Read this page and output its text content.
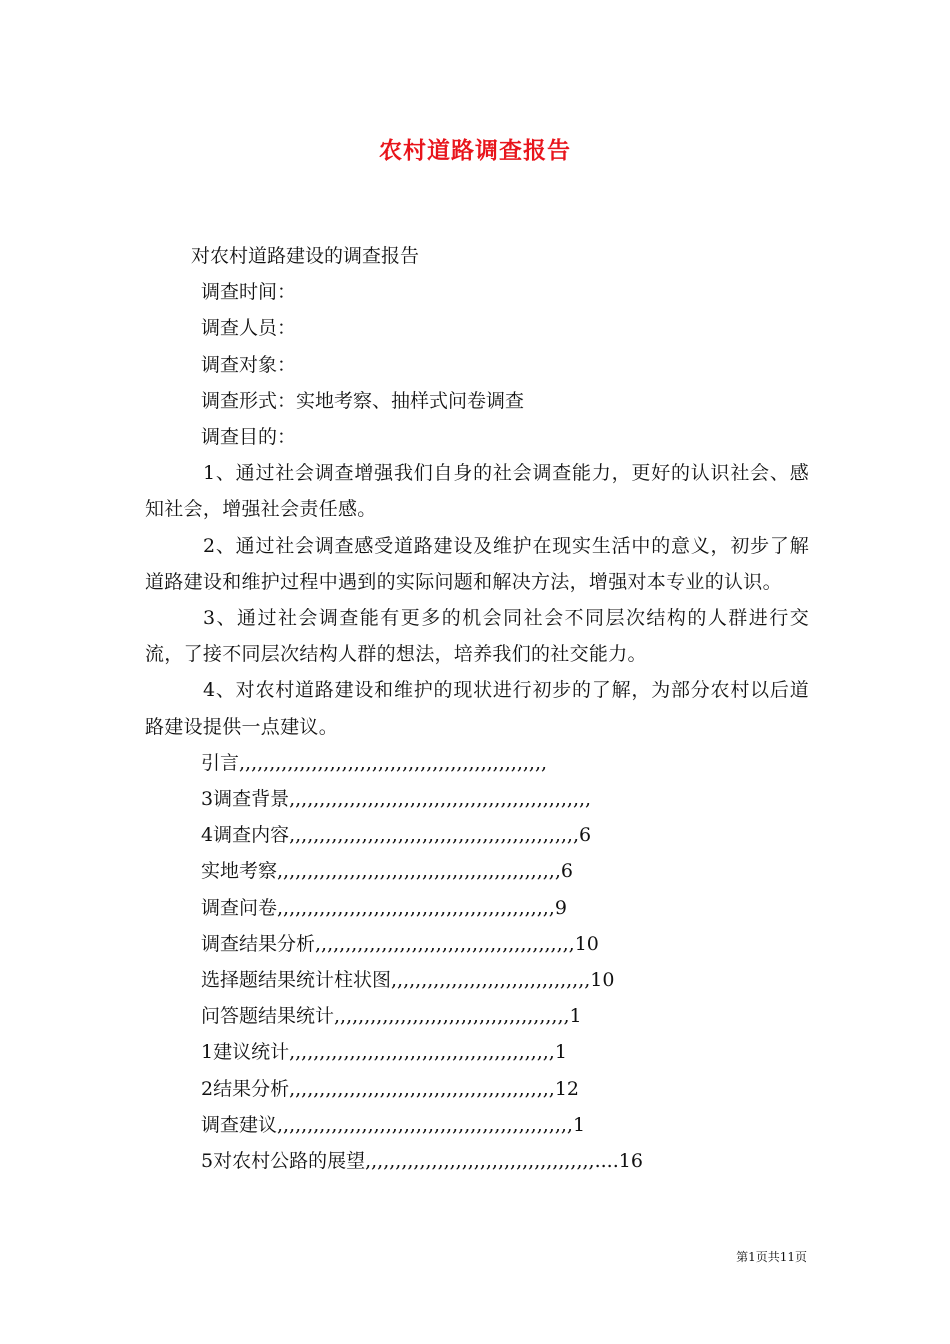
农村道路调查报告

对农村道路建设的调查报告

调查时间：

调查人员：

调查对象：

调查形式：实地考察、抽样式问卷调查

调查目的：

1、通过社会调查增强我们自身的社会调查能力，更好的认识社会、感知社会，增强社会责任感。

2、通过社会调查感受道路建设及维护在现实生活中的意义，初步了解道路建设和维护过程中遇到的实际问题和解决方法，增强对本专业的认识。

3、通过社会调查能有更多的机会同社会不同层次结构的人群进行交流，了接不同层次结构人群的想法，培养我们的社交能力。

4、对农村道路建设和维护的现状进行初步的了解，为部分农村以后道路建设提供一点建议。

引言,,,,,,,,,,,,,,,,,,,,,,,,,,,,,,,,,,,,,,,,,,,,,,,,,,,

3调查背景,,,,,,,,,,,,,,,,,,,,,,,,,,,,,,,,,,,,,,,,,,,,,,,,,,

4调查内容,,,,,,,,,,,,,,,,,,,,,,,,,,,,,,,,,,,,,,,,,,,,,,,,6

实地考察,,,,,,,,,,,,,,,,,,,,,,,,,,,,,,,,,,,,,,,,,,,,,,,6

调查问卷,,,,,,,,,,,,,,,,,,,,,,,,,,,,,,,,,,,,,,,,,,,,,,9

调查结果分析,,,,,,,,,,,,,,,,,,,,,,,,,,,,,,,,,,,,,,,,,,,10

选择题结果统计柱状图,,,,,,,,,,,,,,,,,,,,,,,,,,,,,,,,,10

问答题结果统计,,,,,,,,,,,,,,,,,,,,,,,,,,,,,,,,,,,,,,,1

1建议统计,,,,,,,,,,,,,,,,,,,,,,,,,,,,,,,,,,,,,,,,,,,,1

2结果分析,,,,,,,,,,,,,,,,,,,,,,,,,,,,,,,,,,,,,,,,,,,,12

调查建议,,,,,,,,,,,,,,,,,,,,,,,,,,,,,,,,,,,,,,,,,,,,,,,,,1

5对农村公路的展望,,,,,,,,,,,,,,,,,,,,,,,,,,,,,,,,,,,,,,....16

第1页共11页
